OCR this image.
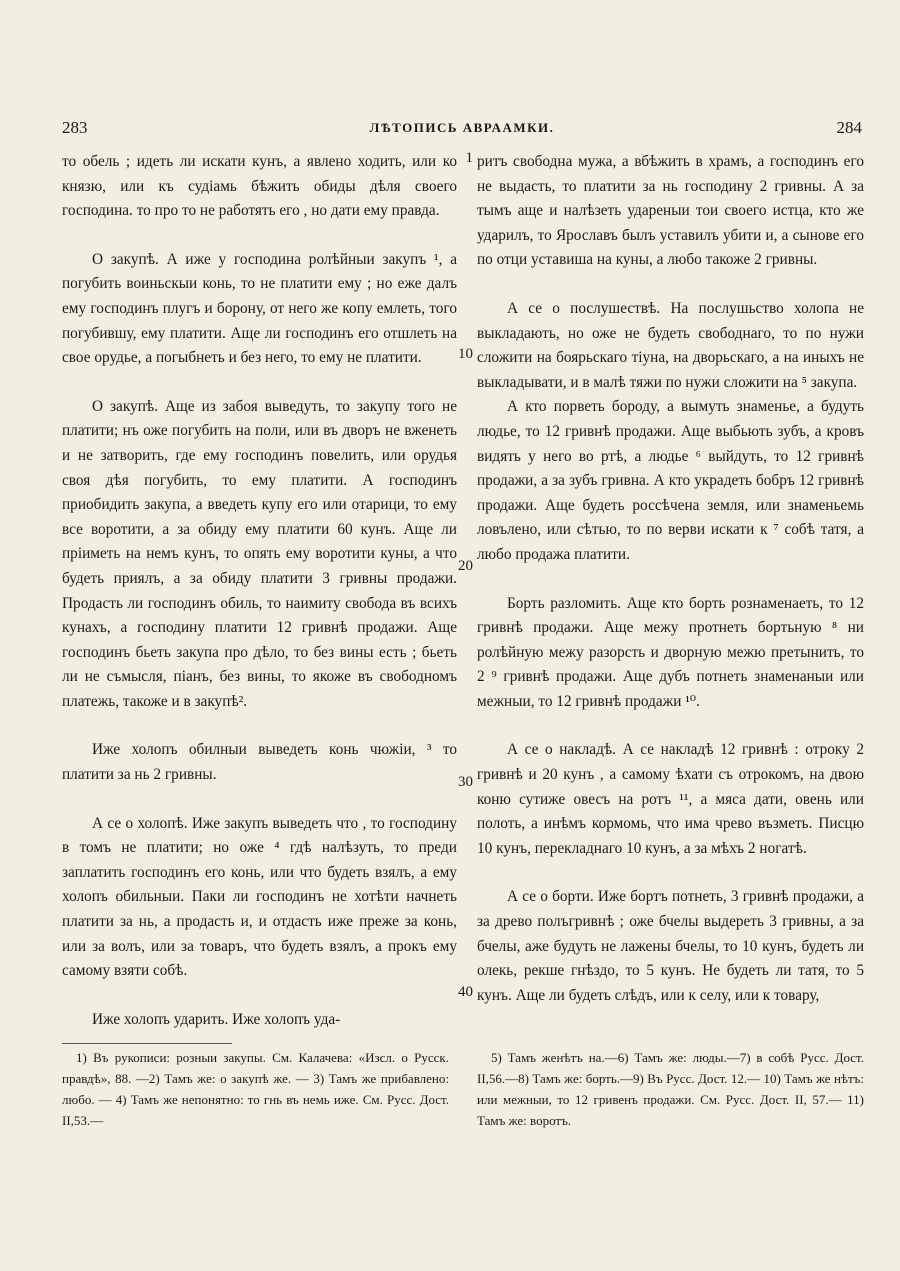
283	ЛѢТОПИСЬ АВРААМКИ.	284

то обель ; идеть ли искати кунъ, а явлено ходить, или ко князю, или къ судіамь бѣжить обиды дѣля своего господина. то про то не работять его , но дати ему правда.

О закупѣ. А иже у господина ролѣйныи закупъ ¹, а погубить воиньскыи конь, то не платити ему ; но еже далъ ему господинъ плугъ и борону, от него же копу емлеть, того погубившу, ему платити. Аще ли господинъ его отшлеть на свое орудье, а погыбнеть и без него, то ему не платити.

О закупѣ. Аще из забоя выведуть, то закупу того не платити; нъ оже погубить на поли, или въ дворъ не вженеть и не затворить, где ему господинъ повелить, или орудья своя дѣя погубить, то ему платити. А господинъ приобидить закупа, а введеть купу его или отарици, то ему все воротити, а за обиду ему платити 60 кунъ. Аще ли пріиметь на немъ кунъ, то опять ему воротити куны, а что будеть приялъ, а за обиду платити 3 гривны продажи. Продасть ли господинъ обиль, то наимиту свобода въ всихъ кунахъ, а господину платити 12 гривнѣ продажи. Аще господинъ бьеть закупа про дѣло, то без вины есть ; бьеть ли не съмысля, піанъ, без вины, то якоже въ свободномъ платежь, такоже и в закупѣ².

Иже холопъ обилныи выведеть конь чюжіи, ³ то платити за нь 2 гривны.

А се о холопѣ. Иже закупъ выведеть что , то господину в томъ не платити; но оже ⁴ гдѣ налѣзуть, то преди заплатить господинъ его конь, или что будеть взялъ, а ему холопъ обильныи. Паки ли господинъ не хотѣти начнеть платити за нь, а продасть и, и отдасть иже преже за конь, или за волъ, или за товаръ, что будеть взялъ, а прокъ ему самому взяти собѣ.

Иже холопъ ударить. Иже холопъ уда-

1
10
20
30
40

ритъ свободна мужа, а вбѣжить в храмъ, а господинъ его не выдасть, то платити за нь господину 2 гривны. А за тымъ аще и налѣзеть удареныи тои своего истца, кто же ударилъ, то Ярославъ былъ уставилъ убити и, а сынове его по отци уставиша на куны, а любо такоже 2 гривны.

А се о послушествѣ. На послушьство холопа не выкладають, но оже не будеть свободнаго, то по нужи сложити на боярьскаго тіуна, на дворьскаго, а на иныхъ не выкладывати, и в малѣ тяжи по нужи сложити на ⁵ закупа.

А кто порветь бороду, а вымуть знаменье, а будуть людье, то 12 гривнѣ продажи. Аще выбьють зубъ, а кровъ видять у него во ртѣ, а людье ⁶ выйдуть, то 12 гривнѣ продажи, а за зубъ гривна. А кто украдеть бобръ 12 гривнѣ продажи. Аще будеть россѣчена земля, или знаменьемь ловълено, или сѣтью, то по верви искати к ⁷ собѣ татя, а любо продажа платити.

Борть разломить. Аще кто борть рознаменаеть, то 12 гривнѣ продажи. Аще межу протнеть бортьную ⁸ ни ролѣйную межу разорсть и дворную межю претынить, то 2 ⁹ гривнѣ продажи. Аще дубъ потнеть знаменаныи или межныи, то 12 гривнѣ продажи ¹⁰.

А се о накладѣ. А се накладѣ 12 гривнѣ : отроку 2 гривнѣ и 20 кунъ , а самому ѣхати съ отрокомъ, на двою коню сутиже овесъ на ротъ ¹¹, а мяса дати, овень или полоть, а инѣмъ кормомь, что има чрево възметь. Писцю 10 кунъ, перекладнаго 10 кунъ, а за мѣхъ 2 ногатѣ.

А се о борти. Иже бортъ потнеть, 3 гривнѣ продажи, а за древо полъгривнѣ ; оже бчелы выдереть 3 гривны, а за бчелы, аже будуть не лажены бчелы, то 10 кунъ, будеть ли олекь, рекше гнѣздо, то 5 кунъ. Не будеть ли татя, то 5 кунъ. Аще ли будеть слѣдъ, или к селу, или к товару,

1) Въ рукописи: розныи закупы. См. Калачева: «Изсл. о Русск. правдѣ», 88. —2) Тамъ же: о закупѣ же. — 3) Тамъ же прибавлено: любо. — 4) Тамъ же непонятно: то гнь въ немь иже. См. Русс. Дост. II,53.—

5) Тамъ женѣтъ на.—6) Тамъ же: люды.—7) в собѣ Русс. Дост. II,56.—8) Тамъ же: борть.—9) Въ Русс. Дост. 12.— 10) Тамъ же нѣтъ: или межныи, то 12 гривенъ продажи. См. Русс. Дост. II, 57.— 11) Тамъ же: воротъ.
